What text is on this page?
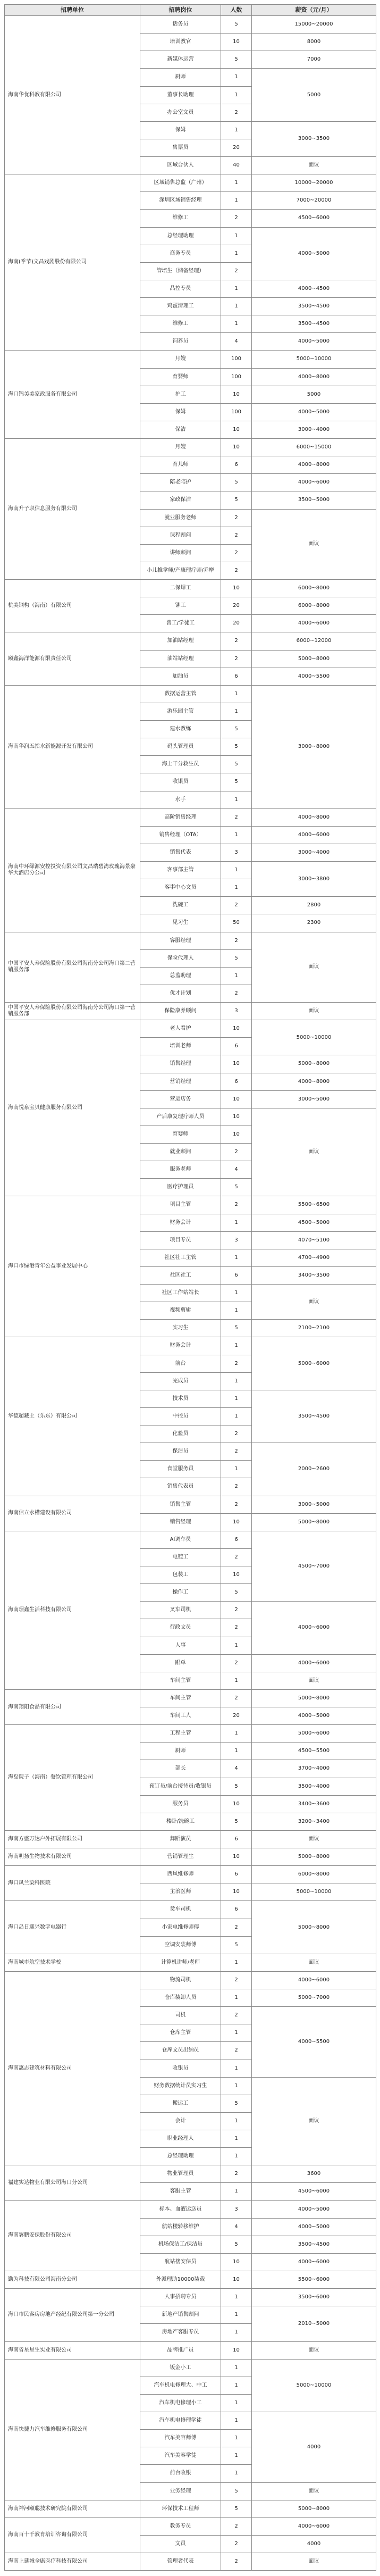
招聘单位	招聘岗位	人数	薪资（元/月）
海南华优科教有限公司	话务员	5	15000~20000
	培训教官	10	8000
	新媒体运营	5	7000
	厨师	1	5000
	董事长助理	1	
	办公室文员	2	
	保姆	1	3000~3500
	售票员	20	
	区域合伙人	40	面议
海南(季节)文昌戏剧股份有限公司	区域销售总监（广州）	1	10000~20000
	深圳区域销售经理	1	7000~20000
	维修工	2	4500~6000
	总经理助理	1	4000~5000
	商务专员	1	
	管培生（储备经理）	2	
	品控专员	1	4000~4500
	鸡蛋清理工	1	3500~4500
	维修工	1	3500~4500
	饲养员	4	4000~5000
海口锦美美家政服务有限公司	月嫂	100	5000~10000
	育婴师	100	4000~8000
	护工	10	5000
	保姆	100	4000~5000
	保洁	10	3000~4000
海南升子职信息服务有限公司	月嫂	10	6000~15000
	育儿师	6	4000~8000
	陪老陪护	5	4000~6000
	家政保洁	5	3500~5000
	就业服务老师	2	面议
	课程顾问	2	
	讲师顾问	2	
	小儿推拿师/产康理疗师/乔摩	2	
杭美钢构（海南）有限公司	二保焊工	10	6000~8000
	铆工	20	6000~8000
	普工/学徒工	20	4000~6000
颐鑫海洋能源有限责任公司	加油站经理	2	6000~12000
	油站站经理	2	5000~8000
	加油员	6	4000~5500
海南华润五指水新能源开发有限公司	数据运营主管	1	3000~8000
	游乐园主管	1	
	建水教练	5	
	码头管理员	5	
	海上干分救生员	5	
	收银员	5	
	水手	1	
海南中环绿源安控投资有限公司文昌瑞碧湾玫瑰海景豪华大酒店分公司	高阶销售经理	2	4000~8000
	销售经理（OTA）	1	4000~6000
	销售代表	3	3000~4000
	客事部主管	1	3000~3800
	客事中心文员	1	
	洗碗工	2	2800
	见习生	50	2300
中国平安人寿保险股份有限公司海南分公司海口第二营销服务部	客服经理	2	面议
	保险代理人	5	
	总监助理	1	
	优才计划	2	
中国平安人寿保险股份有限公司海南分公司海口第一营销服务部	保险康养顾问	3	面议
海南悦泉宝贝健康服务有限公司	老人看护	10	5000~10000
	培训老师	6	
	销售经理	10	5000~8000
	营销经理	6	4000~8000
	营运店务	10	3000~5000
	产后康复理疗师人员	10	面议
	育婴师	10	
	就业顾问	2	
	服务老师	4	
	医疗护理员	5	
海口市绿港青年公益事业发展中心	项目主管	2	5500~6500
	财务会计	1	4500~5000
	项目专员	3	4070~5100
	社区社工主管	1	4700~4900
	社区社工	6	3400~3500
	社区工作站站长	1	面议
	视频剪辑	1	
	实习生	5	2100~2100
华德超藏土（乐东）有限公司	财务会计	1	5000~6000
	前台	2	
	完成员	1	
	技术员	1	3500~4500
	中控员	1	
	化验员	2	
	保洁员	2	2000~2600
	食堂服务员	1	
	销售代表员	2	
海南信立水槽建设有限公司	销售主管	2	3000~5000
	销售经理	10	5000~8000
海南璟鑫生活科技有限公司	AI调车员	6	4500~7000
	电镀工	2	
	包装工	10	
	操作工	5	
	叉车司机	2	4000~6000
	行政文员	2	
	人事	1	
	跟单	2	4000~6000
	车间主管	1	面议
海南翔阳食品有限公司	车间主管	2	5000~8000
	车间工人	20	4000~5000
海岛院子（海南）餐饮管理有限公司	工程主管	1	5000~6000
	厨师	1	4500~5500
	部长	4	3700~4000
	预订员/前台接待员/收银员	5	3500~4000
	服务员	10	3400~3600
	楼卧/洗碗工	5	3200~3400
海南方盛万达户外拓展有限公司	舞蹈演员	6	面议
海南明扬生物技术有限公司	营销管理生	10	5000~8000
海口凤兰染科医院	西风维修师	6	6000~8000
	主治医师	10	5000~10000
海口岛日迎兴数字电器行	货车司机	6	5000~8000
	小家电维修师傅	2	
	空调安装师傅	5	
海南城市航空技术学校	计算机讲师/老师	1	面议
海南惠志建筑材料有限公司	物流司机	2	4000~6000
	仓库装卸人员	1	5000~7000
	司机	2	4000~5500
	仓库主管	1	
	仓库文员出纳员	2	
	收银员	1	
	财务数据统计员实习生	1	面议
	搬运工	5	
	会计	1	
	职业经理人	1	
	总经理助理	1	
福建实达物业有限公司海口分公司	物业管理员	2	3600
	客服主管	1	4500~6000
海南翼鹏安保股份有限公司	标本、血液运送员	3	4000~5000
	航站楼转移维护	4	4000~5000
	机场保洁工/保洁员	5	3500~4500
	航站楼安保员	10	4000~6000
勤为科技有限公司海南分公司	外派理助10000装载	10	5500~6000
海口市民客房房地产经纪有限公司第一分公司	人事招聘专员	1	3500~6000
	新地产销售顾问	1	2010~5000
	房地产客服专员	1	
海南省星星生实业有限公司	品牌推广员	10	面议
海南快捷力汽车维修服务有限公司	钣金小工	1	5000~10000
	汽车机电修理大、中工	1	
	汽车机电修理小工	1	
	汽车机电修理学徒	1	4000
	汽车美容师傅	1	
	汽车美容学徒	1	
	前台收银	1	
	业务经理	5	面议
海南神河颐聪技术研究院有限公司	环保技术工程师	5	5000~8000
海南百十千教育培训咨询有限公司	教务专员	2	4000~6000
	文员	2	4000
海南上延城全康医疗科技有限公司	管理者代表	2	面议
